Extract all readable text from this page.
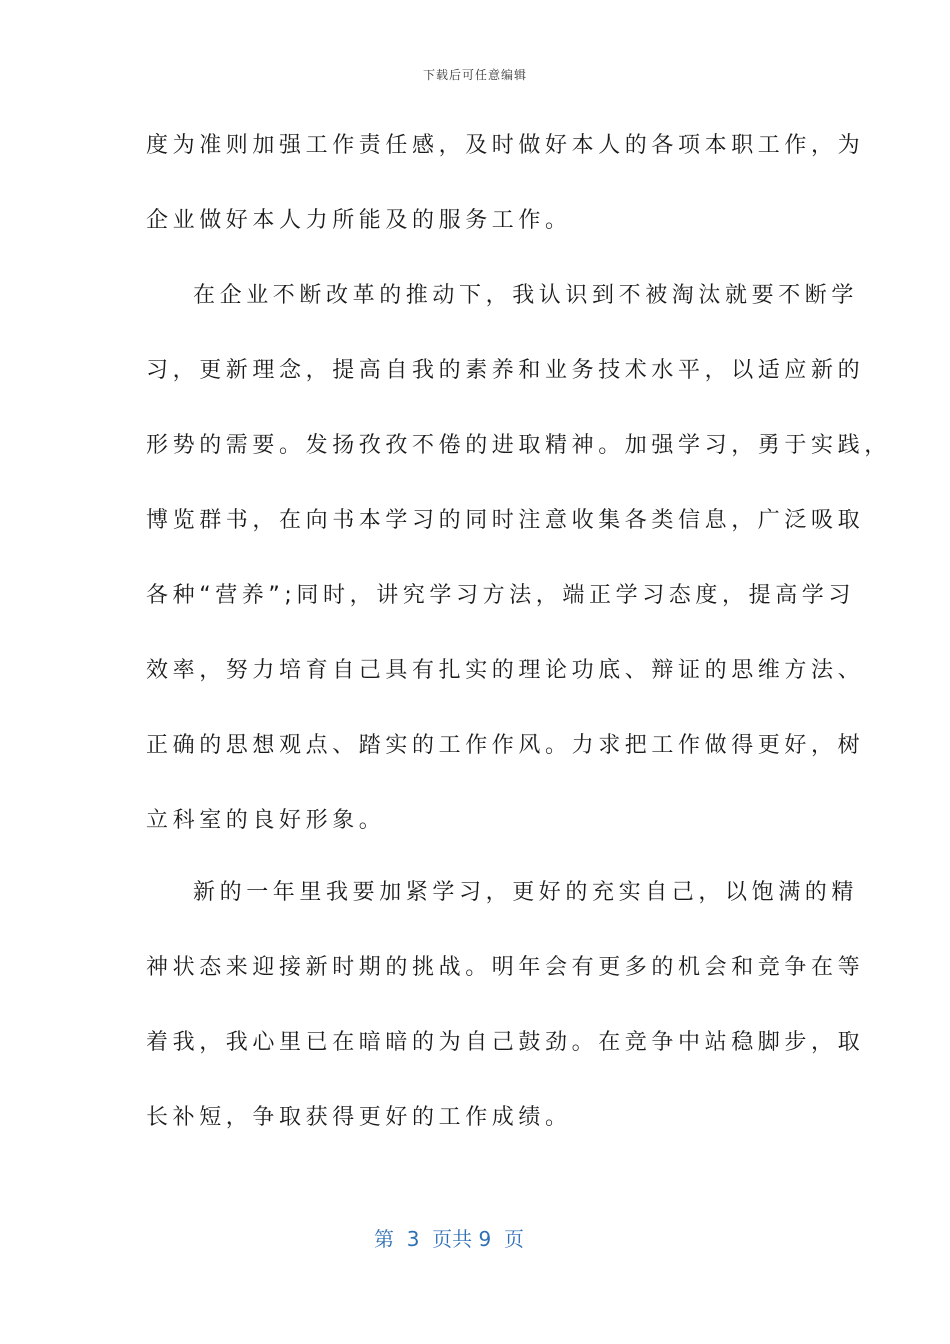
下载后可任意编辑
度为准则加强工作责任感，及时做好本人的各项本职工作，为
企业做好本人力所能及的服务工作。
在企业不断改革的推动下，我认识到不被淘汰就要不断学
习，更新理念，提高自我的素养和业务技术水平，以适应新的
形势的需要。发扬孜孜不倦的进取精神。加强学习，勇于实践，
博览群书，在向书本学习的同时注意收集各类信息，广泛吸取
各种“营养”;同时，讲究学习方法，端正学习态度，提高学习
效率，努力培育自己具有扎实的理论功底、辩证的思维方法、
正确的思想观点、踏实的工作作风。力求把工作做得更好，树
立科室的良好形象。
新的一年里我要加紧学习，更好的充实自己，以饱满的精
神状态来迎接新时期的挑战。明年会有更多的机会和竞争在等
着我，我心里已在暗暗的为自己鼓劲。在竞争中站稳脚步，取
长补短，争取获得更好的工作成绩。
第  3  页共 9  页
